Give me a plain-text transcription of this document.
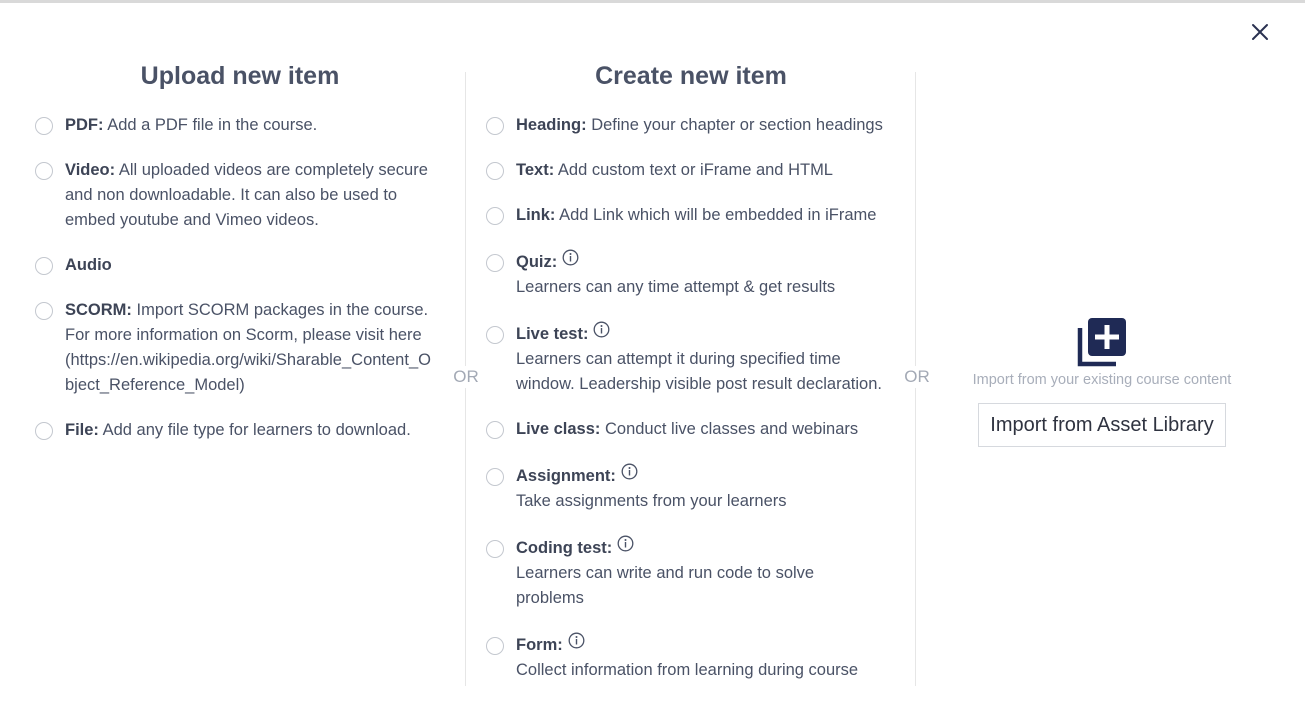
Upload new item
PDF: Add a PDF file in the course.
Video: All uploaded videos are completely secure and non downloadable. It can also be used to embed youtube and Vimeo videos.
Audio
SCORM: Import SCORM packages in the course. For more information on Scorm, please visit here (https://en.wikipedia.org/wiki/Sharable_Content_Object_Reference_Model)
File: Add any file type for learners to download.
OR	OR
Create new item
Heading: Define your chapter or section headings
Text: Add custom text or iFrame and HTML
Link: Add Link which will be embedded in iFrame
Quiz:
Learners can any time attempt & get results
Live test:
Learners can attempt it during specified time window. Leadership visible post result declaration.
Live class: Conduct live classes and webinars
Assignment:
Take assignments from your learners
Coding test:
Learners can write and run code to solve problems
Form:
Collect information from learning during course
Import from your existing course content
Import from Asset Library
